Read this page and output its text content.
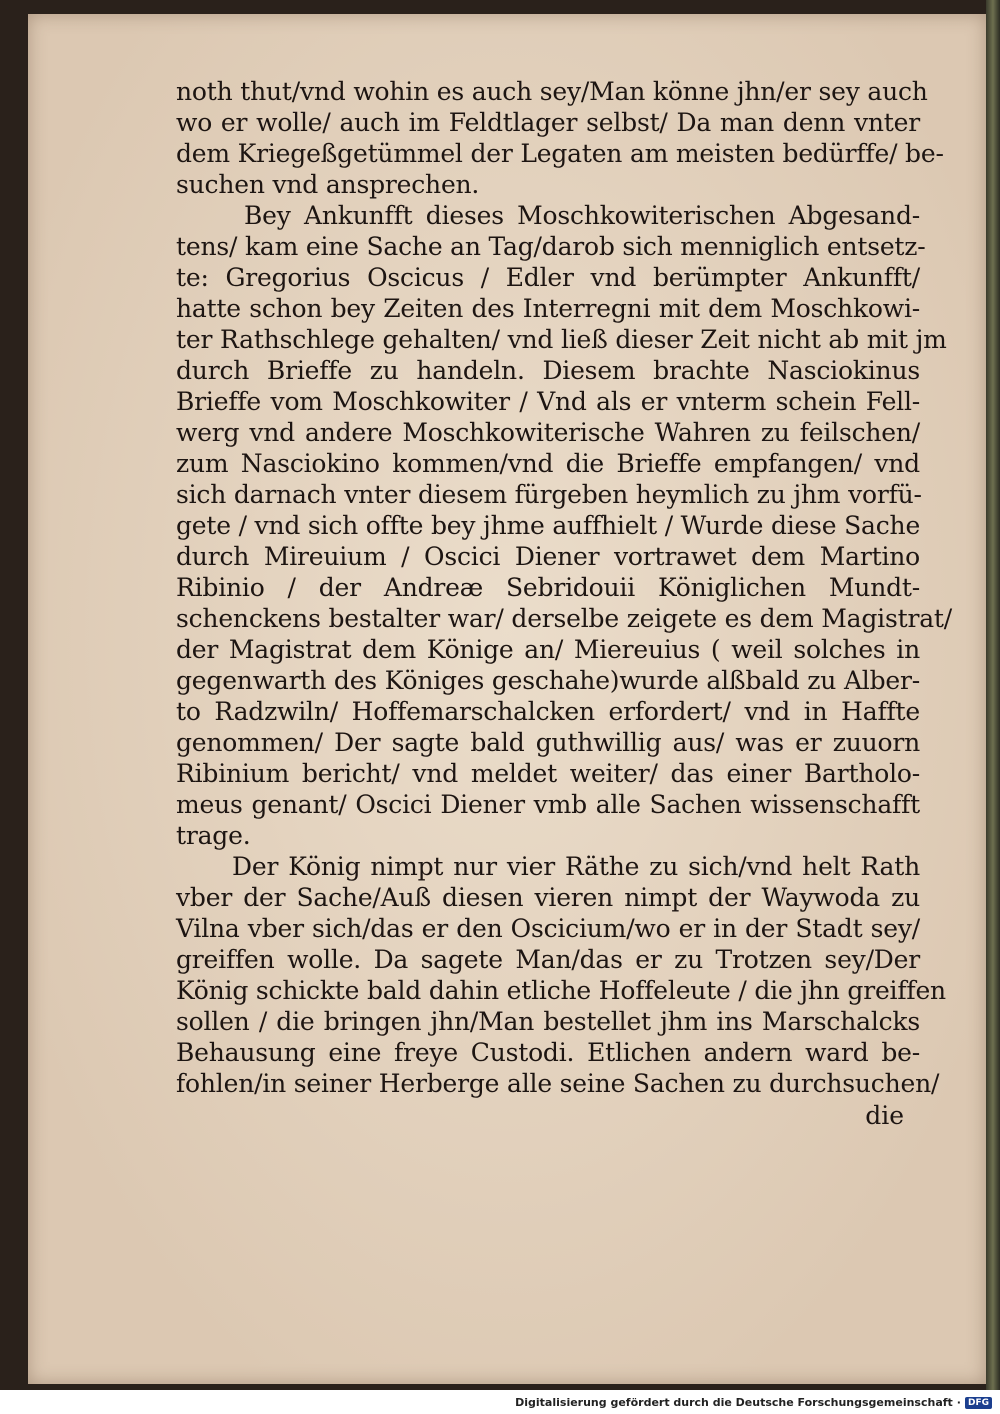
noth thut/vnd wohin es auch sey/Man könne jhn/er sey auch
wo er wolle/ auch im Feldtlager selbst/ Da man denn vnter
dem Kriegeßgetümmel der Legaten am meisten bedürffe/ be-
suchen vnd ansprechen.
Bey Ankunfft dieses Moschkowiterischen Abgesand-
tens/ kam eine Sache an Tag/darob sich menniglich entsetz-
te: Gregorius Oscicus / Edler vnd berümpter Ankunfft/
hatte schon bey Zeiten des Interregni mit dem Moschkowi-
ter Rathschlege gehalten/ vnd ließ dieser Zeit nicht ab mit jm
durch Brieffe zu handeln. Diesem brachte Nasciokinus
Brieffe vom Moschkowiter / Vnd als er vnterm schein Fell-
werg vnd andere Moschkowiterische Wahren zu feilschen/
zum Nasciokino kommen/vnd die Brieffe empfangen/ vnd
sich darnach vnter diesem fürgeben heymlich zu jhm vorfü-
gete / vnd sich offte bey jhme auffhielt / Wurde diese Sache
durch Mireuium / Oscici Diener vortrawet dem Martino
Ribinio / der Andreæ Sebridouii Königlichen Mundt-
schenckens bestalter war/ derselbe zeigete es dem Magistrat/
der Magistrat dem Könige an/ Miereuius ( weil solches in
gegenwarth des Königes geschahe)wurde alßbald zu Alber-
to Radzwiln/ Hoffemarschalcken erfordert/ vnd in Haffte
genommen/ Der sagte bald guthwillig aus/ was er zuuorn
Ribinium bericht/ vnd meldet weiter/ das einer Bartholo-
meus genant/ Oscici Diener vmb alle Sachen wissenschafft
trage.
Der König nimpt nur vier Räthe zu sich/vnd helt Rath
vber der Sache/Auß diesen vieren nimpt der Waywoda zu
Vilna vber sich/das er den Oscicium/wo er in der Stadt sey/
greiffen wolle. Da sagete Man/das er zu Trotzen sey/Der
König schickte bald dahin etliche Hoffeleute / die jhn greiffen
sollen / die bringen jhn/Man bestellet jhm ins Marschalcks
Behausung eine freye Custodi. Etlichen andern ward be-
fohlen/in seiner Herberge alle seine Sachen zu durchsuchen/
die
Digitalisierung gefördert durch die Deutsche Forschungsgemeinschaft · DFG
